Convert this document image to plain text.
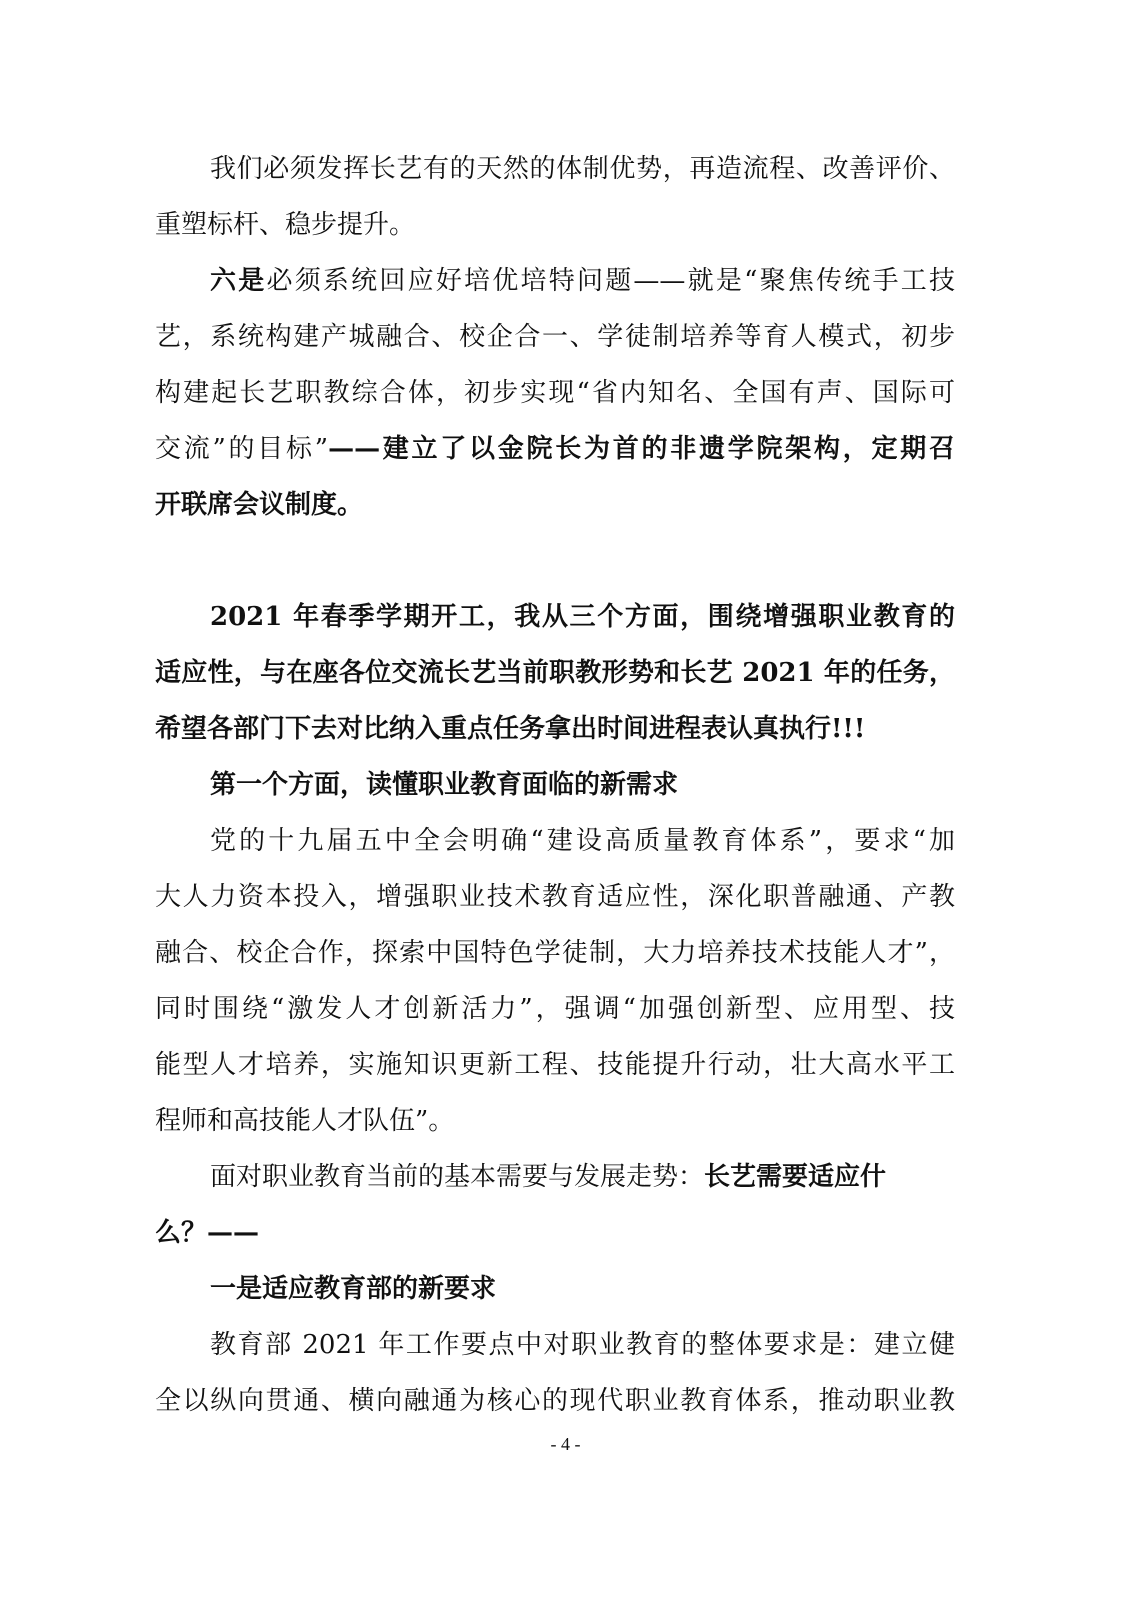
我们必须发挥长艺有的天然的体制优势，再造流程、改善评价、
重塑标杆、稳步提升。
六是必须系统回应好培优培特问题——就是“聚焦传统手工技
艺，系统构建产城融合、校企合一、学徒制培养等育人模式，初步
构建起长艺职教综合体，初步实现“省内知名、全国有声、国际可
交流”的目标”——建立了以金院长为首的非遗学院架构，定期召
开联席会议制度。
2021 年春季学期开工，我从三个方面，围绕增强职业教育的
适应性，与在座各位交流长艺当前职教形势和长艺 2021 年的任务，
希望各部门下去对比纳入重点任务拿出时间进程表认真执行!!!
第一个方面，读懂职业教育面临的新需求
党的十九届五中全会明确“建设高质量教育体系”，要求“加
大人力资本投入，增强职业技术教育适应性，深化职普融通、产教
融合、校企合作，探索中国特色学徒制，大力培养技术技能人才”，
同时围绕“激发人才创新活力”，强调“加强创新型、应用型、技
能型人才培养，实施知识更新工程、技能提升行动，壮大高水平工
程师和高技能人才队伍”。
面对职业教育当前的基本需要与发展走势：长艺需要适应什
么？——
一是适应教育部的新要求
教育部 2021 年工作要点中对职业教育的整体要求是：建立健
全以纵向贯通、横向融通为核心的现代职业教育体系，推动职业教
- 4 -
